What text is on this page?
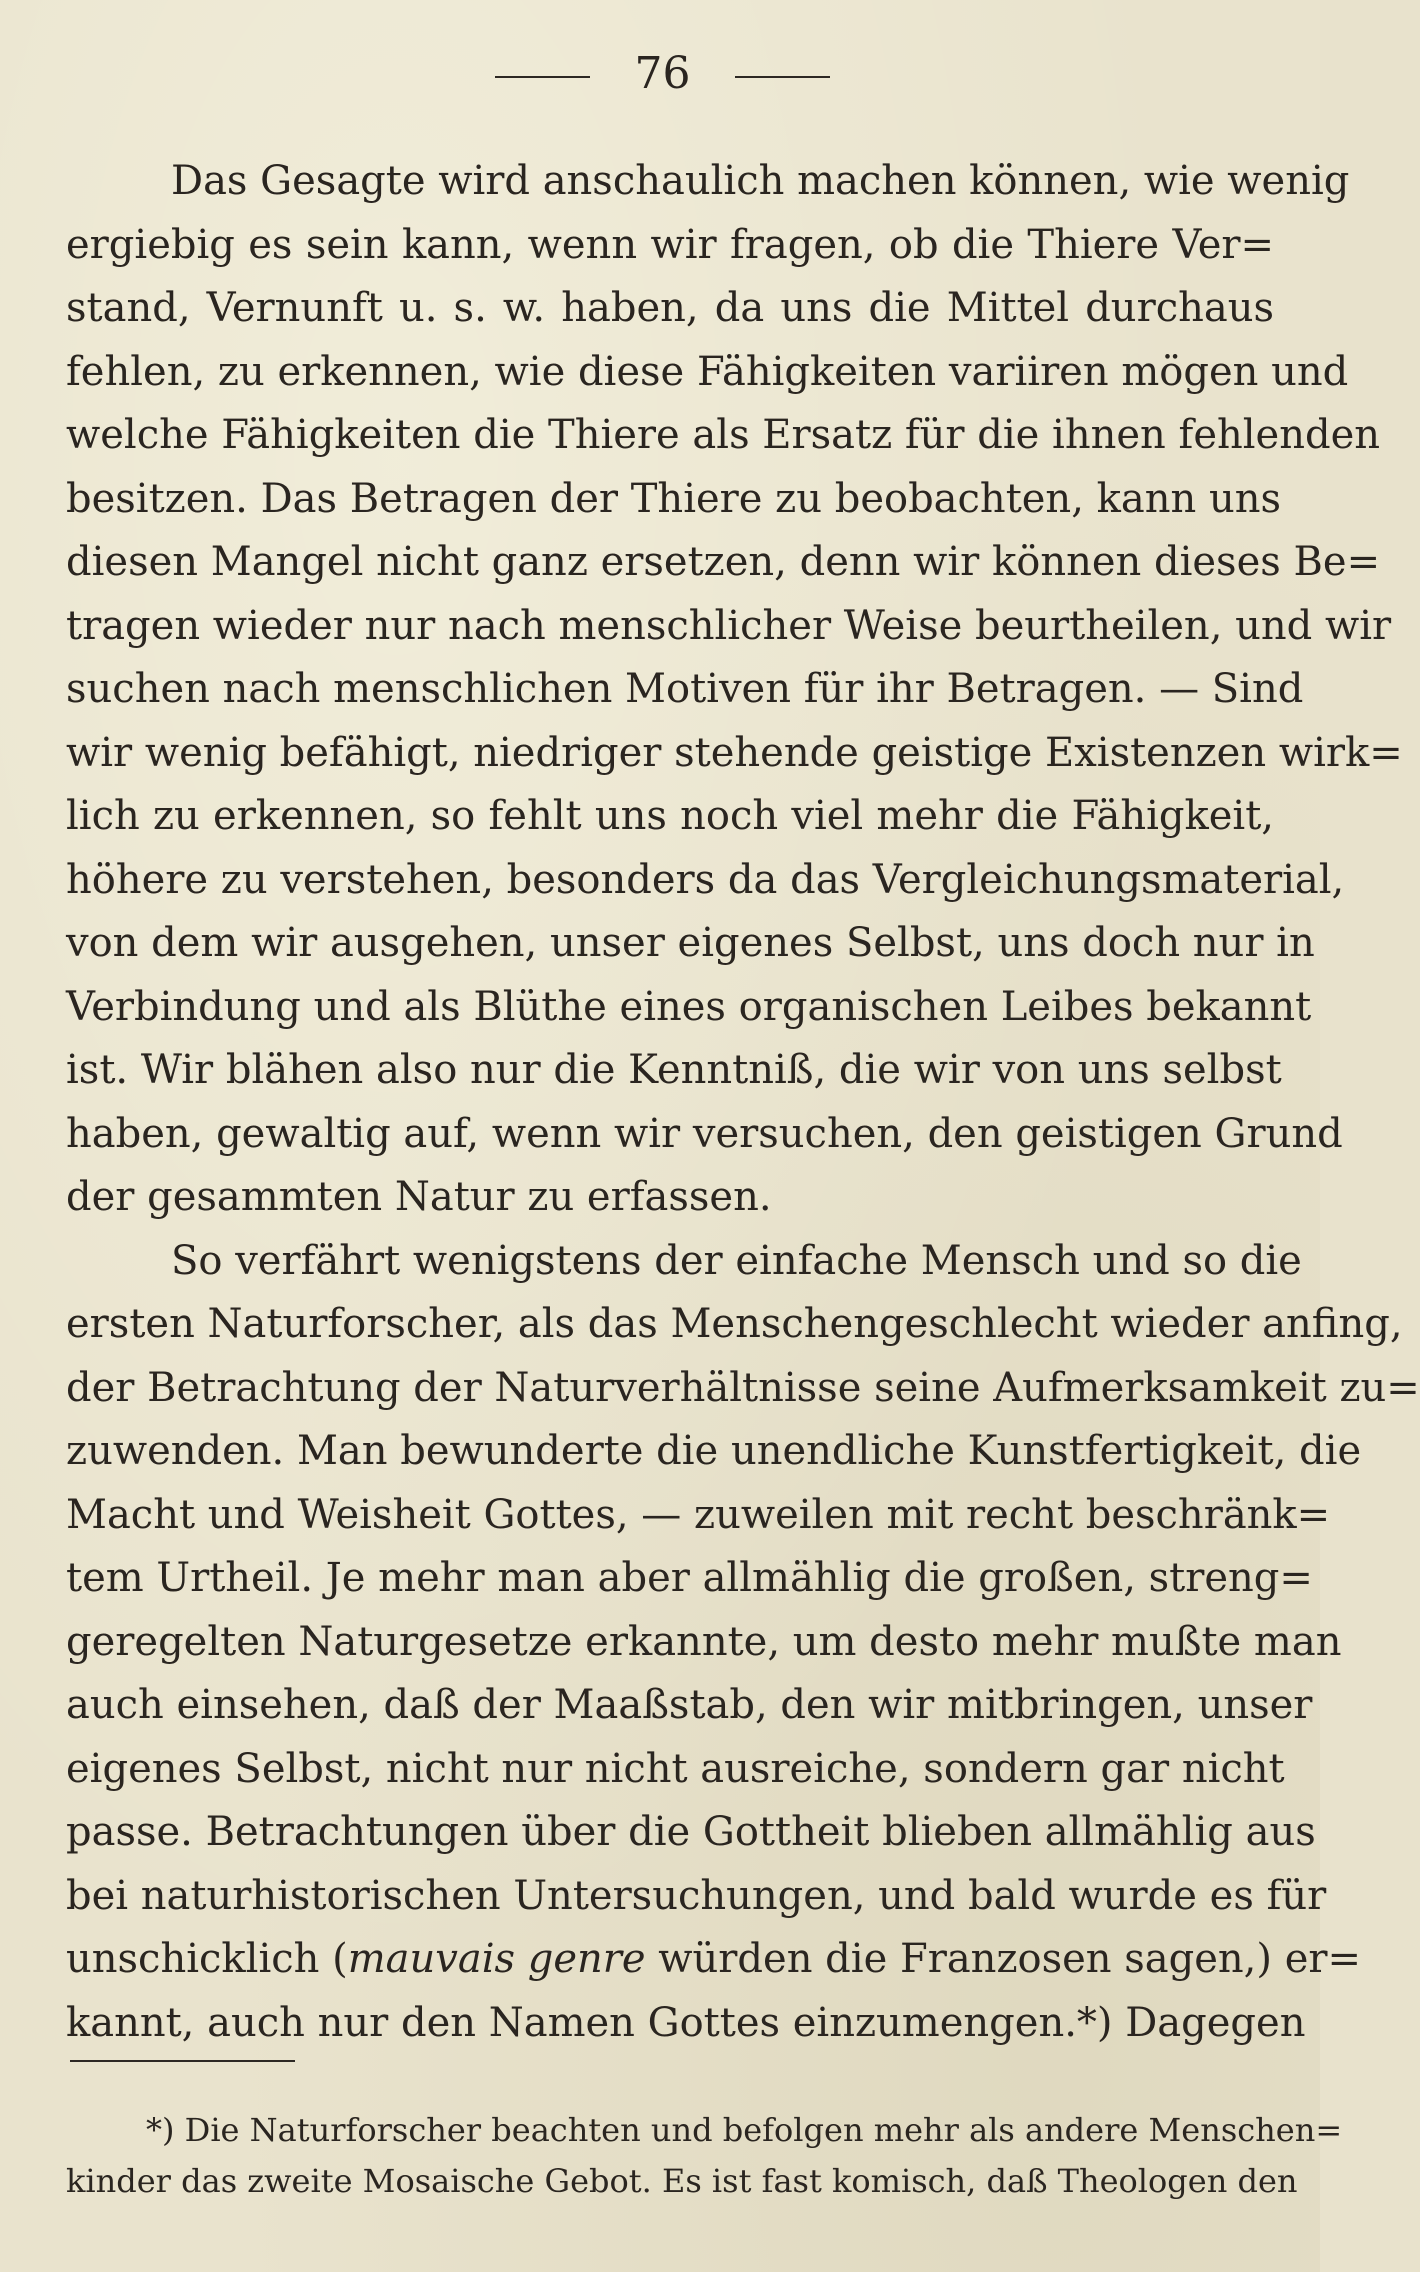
76
Das Gesagte wird anschaulich machen können, wie wenig
ergiebig es sein kann, wenn wir fragen, ob die Thiere Ver=
stand, Vernunft u. s. w. haben, da uns die Mittel durchaus
fehlen, zu erkennen, wie diese Fähigkeiten variiren mögen und
welche Fähigkeiten die Thiere als Ersatz für die ihnen fehlenden
besitzen. Das Betragen der Thiere zu beobachten, kann uns
diesen Mangel nicht ganz ersetzen, denn wir können dieses Be=
tragen wieder nur nach menschlicher Weise beurtheilen, und wir
suchen nach menschlichen Motiven für ihr Betragen. — Sind
wir wenig befähigt, niedriger stehende geistige Existenzen wirk=
lich zu erkennen, so fehlt uns noch viel mehr die Fähigkeit,
höhere zu verstehen, besonders da das Vergleichungsmaterial,
von dem wir ausgehen, unser eigenes Selbst, uns doch nur in
Verbindung und als Blüthe eines organischen Leibes bekannt
ist. Wir blähen also nur die Kenntniß, die wir von uns selbst
haben, gewaltig auf, wenn wir versuchen, den geistigen Grund
der gesammten Natur zu erfassen.
So verfährt wenigstens der einfache Mensch und so die
ersten Naturforscher, als das Menschengeschlecht wieder anfing,
der Betrachtung der Naturverhältnisse seine Aufmerksamkeit zu=
zuwenden. Man bewunderte die unendliche Kunstfertigkeit, die
Macht und Weisheit Gottes, — zuweilen mit recht beschränk=
tem Urtheil. Je mehr man aber allmählig die großen, streng=
geregelten Naturgesetze erkannte, um desto mehr mußte man
auch einsehen, daß der Maaßstab, den wir mitbringen, unser
eigenes Selbst, nicht nur nicht ausreiche, sondern gar nicht
passe. Betrachtungen über die Gottheit blieben allmählig aus
bei naturhistorischen Untersuchungen, und bald wurde es für
unschicklich (mauvais genre würden die Franzosen sagen,) er=
kannt, auch nur den Namen Gottes einzumengen.*) Dagegen
*) Die Naturforscher beachten und befolgen mehr als andere Menschen=
kinder das zweite Mosaische Gebot. Es ist fast komisch, daß Theologen den
